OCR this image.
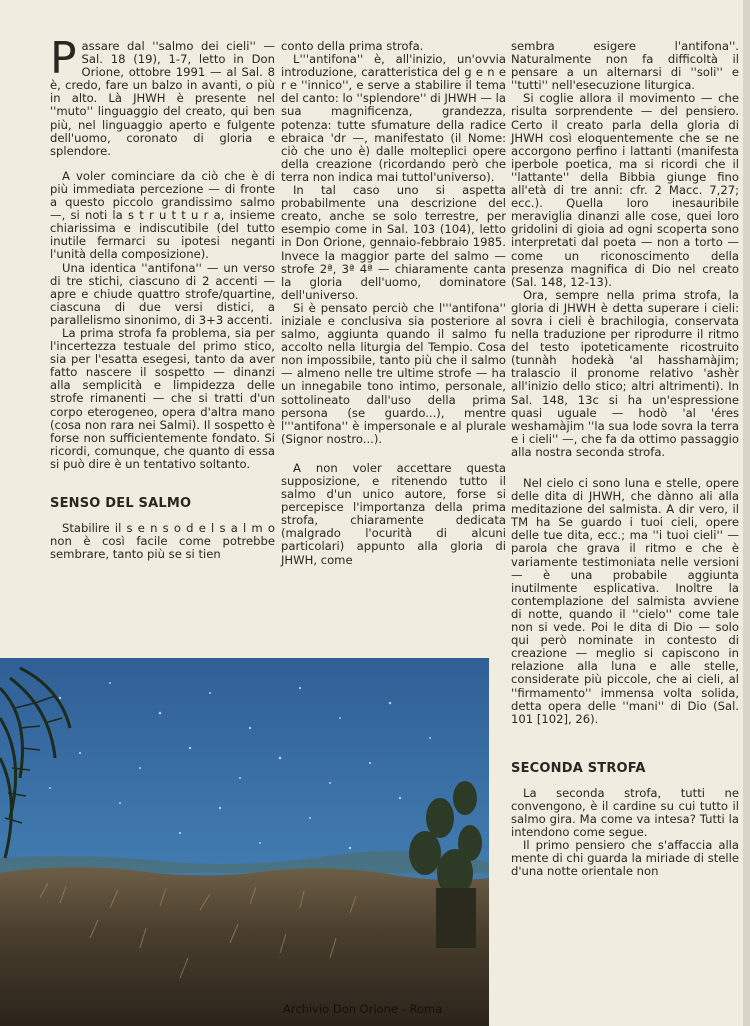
Passare dal ''salmo dei cieli'' — Sal. 18 (19), 1-7, letto in Don Orione, ottobre 1991 — al Sal. 8 è, credo, fare un balzo in avanti, o più in alto. Là JHWH è presente nel ''muto'' linguaggio del creato, qui ben più, nel linguaggio aperto e fulgente dell'uomo, coronato di gloria e splendore.

A voler cominciare da ciò che è di più immediata percezione — di fronte a questo piccolo grandissimo salmo —, si noti la s t r u t t u r a, insieme chiarissima e indiscutibile (del tutto inutile fermarci su ipotesi neganti l'unità della composizione).

Una identica ''antifona'' — un verso di tre stichi, ciascuno di 2 accenti — apre e chiude quattro strofe/quartine, ciascuna di due versi distici, a parallelismo sinonimo, di 3+3 accenti.

La prima strofa fa problema, sia per l'incertezza testuale del primo stico, sia per l'esatta esegesi, tanto da aver fatto nascere il sospetto — dinanzi alla semplicità e limpidezza delle strofe rimanenti — che si tratti d'un corpo eterogeneo, opera d'altra mano (cosa non rara nei Salmi). Il sospetto è forse non sufficientemente fondato. Si ricordi, comunque, che quanto di essa si può dire è un tentativo soltanto.

SENSO DEL SALMO

Stabilire il s e n s o d e l s a l m o non è così facile come potrebbe sembrare, tanto più se si tien

conto della prima strofa.

L'''antifona'' è, all'inizio, un'ovvia introduzione, caratteristica del g e n e r e ''innico'', e serve a stabilire il tema del canto: lo ''splendore'' di JHWH — la sua magnificenza, grandezza, potenza: tutte sfumature della radice ebraica 'dr —, manifestato (il Nome: ciò che uno è) dalle molteplici opere della creazione (ricordando però che terra non indica mai tuttol'universo).

In tal caso uno si aspetta probabilmente una descrizione del creato, anche se solo terrestre, per esempio come in Sal. 103 (104), letto in Don Orione, gennaio-febbraio 1985. Invece la maggior parte del salmo — strofe 2ª, 3ª 4ª — chiaramente canta la gloria dell'uomo, dominatore dell'universo.

Si è pensato perciò che l'''antifona'' iniziale e conclusiva sia posteriore al salmo, aggiunta quando il salmo fu accolto nella liturgia del Tempio. Cosa non impossibile, tanto più che il salmo — almeno nelle tre ultime strofe — ha un innegabile tono intimo, personale, sottolineato dall'uso della prima persona (se guardo...), mentre l'''antifona'' è impersonale e al plurale (Signor nostro...).

A non voler accettare questa supposizione, e ritenendo tutto il salmo d'un unico autore, forse si percepisce l'importanza della prima strofa, chiaramente dedicata (malgrado l'ocurità di alcuni particolari) appunto alla gloria di JHWH, come

sembra esigere l'antifona''. Naturalmente non fa difficoltà il pensare a un alternarsi di ''soli'' e ''tutti'' nell'esecuzione liturgica.

Si coglie allora il movimento — che risulta sorprendente — del pensiero. Certo il creato parla della gloria di JHWH così eloquentemente che se ne accorgono perfino i lattanti (manifesta iperbole poetica, ma si ricordi che il ''lattante'' della Bibbia giunge fino all'età di tre anni: cfr. 2 Macc. 7,27; ecc.). Quella loro inesauribile meraviglia dinanzi alle cose, quei loro gridolini di gioia ad ogni scoperta sono interpretati dal poeta — non a torto — come un riconoscimento della presenza magnifica di Dio nel creato (Sal. 148, 12-13).

Ora, sempre nella prima strofa, la gloria di JHWH è detta superare i cieli: sovra i cieli è brachilogia, conservata nella traduzione per riprodurre il ritmo del testo ipoteticamente ricostruito (tunnàh hodekà 'al hasshamàjim; tralascio il pronome relativo 'ashèr all'inizio dello stico; altri altrimenti). In Sal. 148, 13c si ha un'espressione quasi uguale — hodò 'al 'éres weshamàjim ''la sua lode sovra la terra e i cieli'' —, che fa da ottimo passaggio alla nostra seconda strofa.

Nel cielo ci sono luna e stelle, opere delle dita di JHWH, che dànno ali alla meditazione del salmista. A dir vero, il TM ha Se guardo i tuoi cieli, opere delle tue dita, ecc.; ma ''i tuoi cieli'' — parola che grava il ritmo e che è variamente testimoniata nelle versioni — è una probabile aggiunta inutilmente esplicativa. Inoltre la contemplazione del salmista avviene di notte, quando il ''cielo'' come tale non si vede. Poi le dita di Dio — solo qui però nominate in contesto di creazione — meglio si capiscono in relazione alla luna e alle stelle, considerate più piccole, che ai cieli, al ''firmamento'' immensa volta solida, detta opera delle ''mani'' di Dio (Sal. 101 [102], 26).

SECONDA STROFA

La seconda strofa, tutti ne convengono, è il cardine su cui tutto il salmo gira. Ma come va intesa? Tutti la intendono come segue.

Il primo pensiero che s'affaccia alla mente di chi guarda la miriade di stelle d'una notte orientale non

Archivio Don Orione - Roma
